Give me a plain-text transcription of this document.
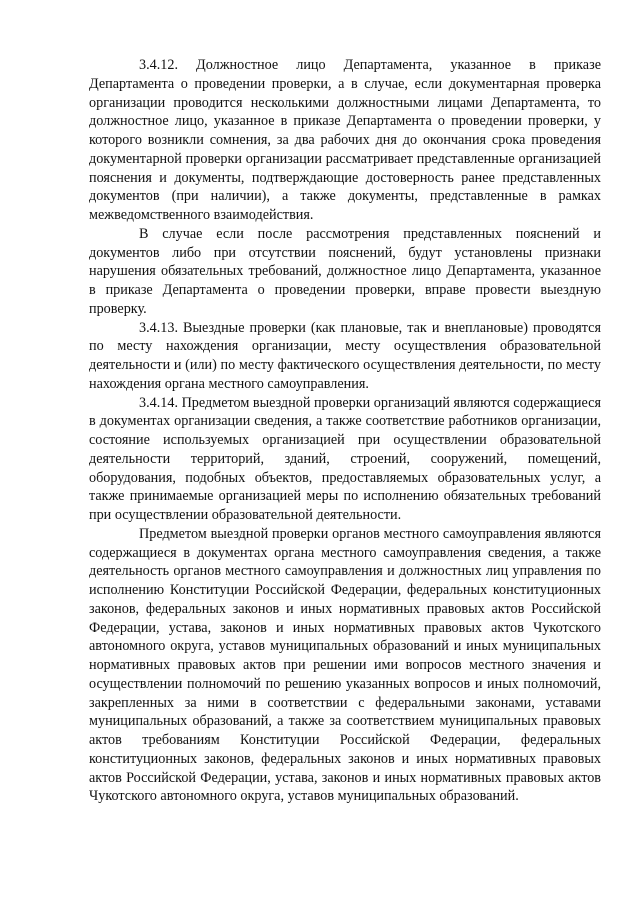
3.4.12. Должностное лицо Департамента, указанное в приказе Департамента о проведении проверки, а в случае, если документарная проверка организации проводится несколькими должностными лицами Департамента, то должностное лицо, указанное в приказе Департамента о проведении проверки, у которого возникли сомнения, за два рабочих дня до окончания срока проведения документарной проверки организации рассматривает представленные организацией пояснения и документы, подтверждающие достоверность ранее представленных документов (при наличии), а также документы, представленные в рамках межведомственного взаимодействия.

В случае если после рассмотрения представленных пояснений и документов либо при отсутствии пояснений, будут установлены признаки нарушения обязательных требований, должностное лицо Департамента, указанное в приказе Департамента о проведении проверки, вправе провести выездную проверку.

3.4.13. Выездные проверки (как плановые, так и внеплановые) проводятся по месту нахождения организации, месту осуществления образовательной деятельности и (или) по месту фактического осуществления деятельности, по месту нахождения органа местного самоуправления.

3.4.14. Предметом выездной проверки организаций являются содержащиеся в документах организации сведения, а также соответствие работников организации, состояние используемых организацией при осуществлении образовательной деятельности территорий, зданий, строений, сооружений, помещений, оборудования, подобных объектов, предоставляемых образовательных услуг, а также принимаемые организацией меры по исполнению обязательных требований при осуществлении образовательной деятельности.

Предметом выездной проверки органов местного самоуправления являются содержащиеся в документах органа местного самоуправления сведения, а также деятельность органов местного самоуправления и должностных лиц управления по исполнению Конституции Российской Федерации, федеральных конституционных законов, федеральных законов и иных нормативных правовых актов Российской Федерации, устава, законов и иных нормативных правовых актов Чукотского автономного округа, уставов муниципальных образований и иных муниципальных нормативных правовых актов при решении ими вопросов местного значения и осуществлении полномочий по решению указанных вопросов и иных полномочий, закрепленных за ними в соответствии с федеральными законами, уставами муниципальных образований, а также за соответствием муниципальных правовых актов требованиям Конституции Российской Федерации, федеральных конституционных законов, федеральных законов и иных нормативных правовых актов Российской Федерации, устава, законов и иных нормативных правовых актов Чукотского автономного округа, уставов муниципальных образований.
